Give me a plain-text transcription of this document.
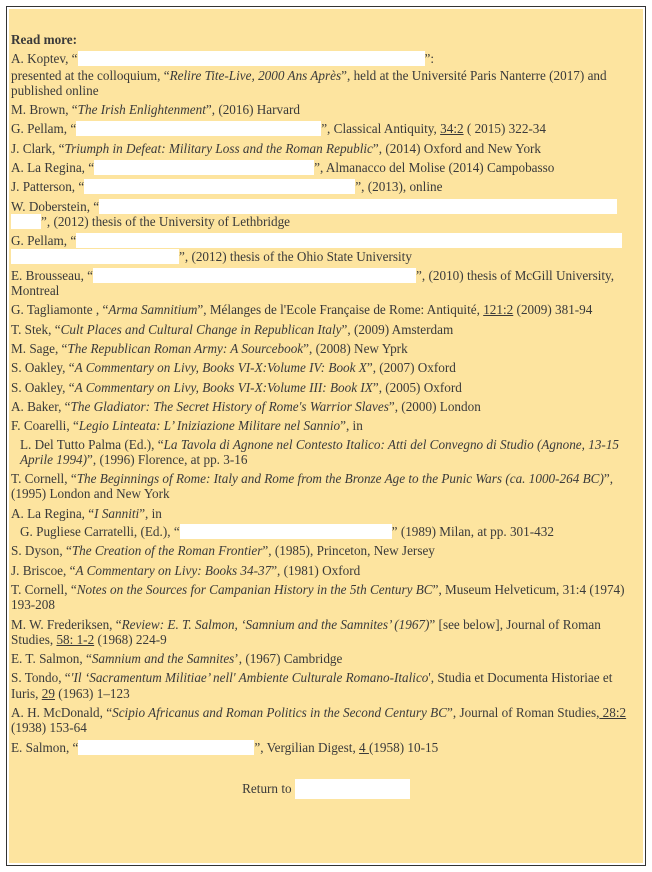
Read more:
A. Koptev, “	”:
presented at the colloquium, “Relire Tite-Live, 2000 Ans Après”, held at the Université Paris Nanterre (2017) and published online
M. Brown, “The Irish Enlightenment”, (2016) Harvard
G. Pellam, “	”, Classical Antiquity, 34:2 ( 2015) 322-34
J. Clark, “Triumph in Defeat: Military Loss and the Roman Republic”, (2014) Oxford and New York
A. La Regina, “	”, Almanacco del Molise (2014) Campobasso
J. Patterson, “	”, (2013), online
W. Doberstein, “
”, (2012) thesis of the University of Lethbridge
G. Pellam, “
”, (2012) thesis of the Ohio State University
E. Brousseau, “	”, (2010) thesis of McGill University, Montreal
G. Tagliamonte , “Arma Samnitium”, Mélanges de l'Ecole Française de Rome: Antiquité, 121:2 (2009) 381-94
T. Stek, “Cult Places and Cultural Change in Republican Italy”, (2009) Amsterdam
M. Sage, “The Republican Roman Army: A Sourcebook”, (2008) New Yprk
S. Oakley, “A Commentary on Livy, Books VI-X:Volume IV: Book X”, (2007) Oxford
S. Oakley, “A Commentary on Livy, Books VI-X:Volume III: Book IX”, (2005) Oxford
A. Baker, “The Gladiator: The Secret History of Rome's Warrior Slaves”, (2000) London
F. Coarelli, “Legio Linteata: L’ Iniziazione Militare nel Sannio”, in
L. Del Tutto Palma (Ed.), “La Tavola di Agnone nel Contesto Italico: Atti del Convegno di Studio (Agnone, 13-15 Aprile 1994)”, (1996) Florence, at pp. 3-16
T. Cornell, “The Beginnings of Rome: Italy and Rome from the Bronze Age to the Punic Wars (ca. 1000-264 BC)”, (1995) London and New York
A. La Regina, “I Sanniti”, in
G. Pugliese Carratelli, (Ed.), “	” (1989) Milan, at pp. 301-432
S. Dyson, “The Creation of the Roman Frontier”, (1985), Princeton, New Jersey
J. Briscoe, “A Commentary on Livy: Books 34-37”, (1981) Oxford
T. Cornell, “Notes on the Sources for Campanian History in the 5th Century BC”, Museum Helveticum, 31:4 (1974) 193-208
M. W. Frederiksen, “Review: E. T. Salmon, ‘Samnium and the Samnites’ (1967)” [see below], Journal of Roman Studies, 58: 1-2 (1968) 224-9
E. T. Salmon, “Samnium and the Samnites’, (1967) Cambridge
S. Tondo, “'Il ‘Sacramentum Militiae’ nell' Ambiente Culturale Romano-Italico', Studia et Documenta Historiae et Iuris, 29 (1963) 1–123
A. H. McDonald, “Scipio Africanus and Roman Politics in the Second Century BC”, Journal of Roman Studies, 28:2 (1938) 153-64
E. Salmon, “	”, Vergilian Digest, 4 (1958) 10-15
Return to
